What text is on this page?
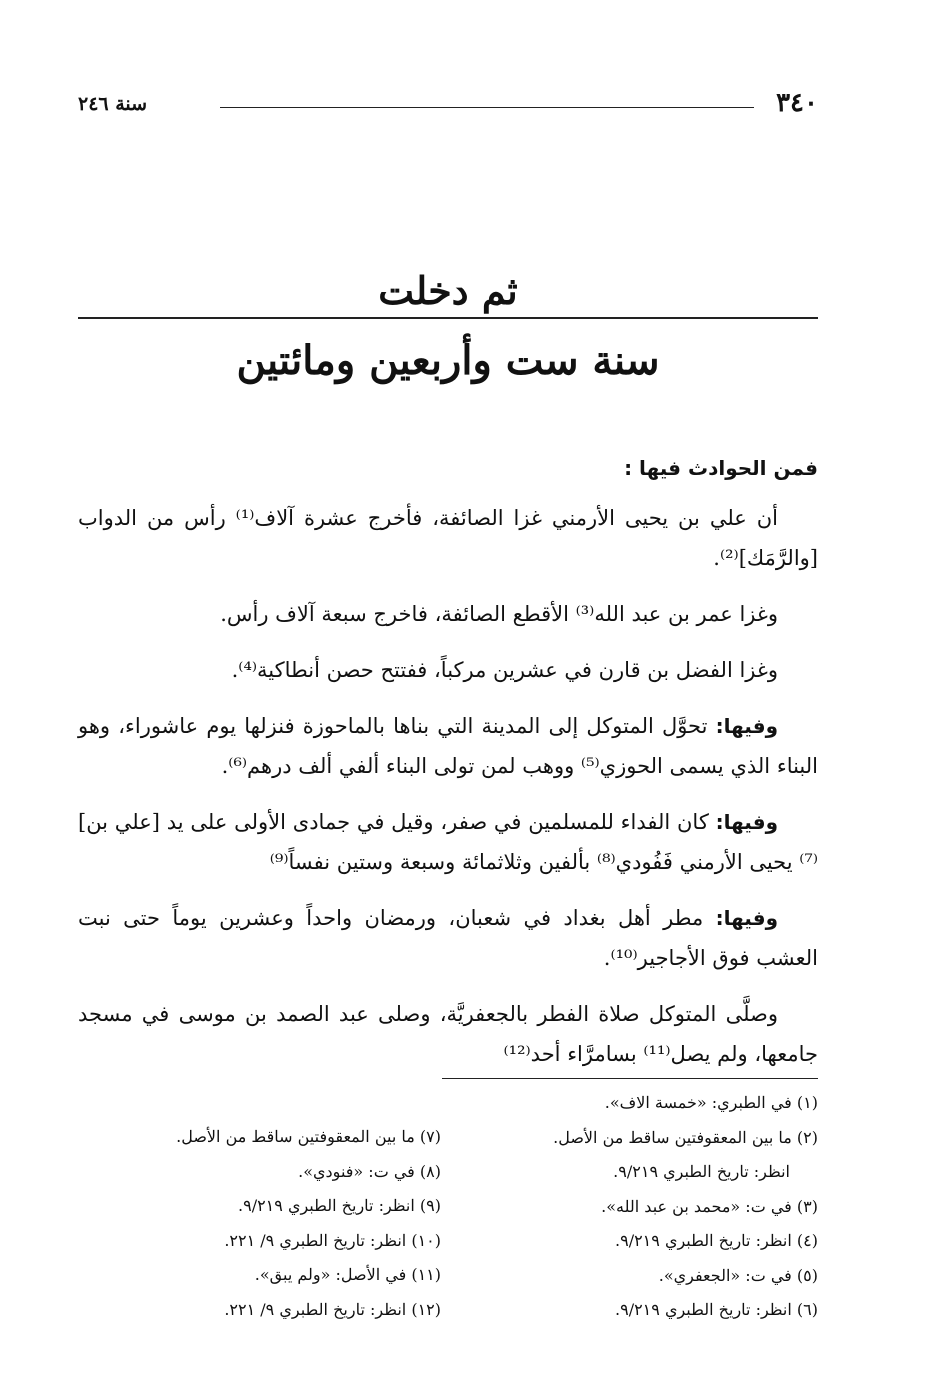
٣٤٠
سنة ٢٤٦
ثم دخلت
سنة ست وأربعين ومائتين

فمن الحوادث فيها :

أن علي بن يحيى الأرمني غزا الصائفة، فأخرج عشرة آلاف⁽¹⁾ رأس من الدواب [والرَّمَك]⁽²⁾.

وغزا عمر بن عبد الله⁽³⁾ الأقطع الصائفة، فاخرج سبعة آلاف رأس.

وغزا الفضل بن قارن في عشرين مركباً، ففتتح حصن أنطاكية⁽⁴⁾.

وفيها: تحوَّل المتوكل إلى المدينة التي بناها بالماحوزة فنزلها يوم عاشوراء، وهو البناء الذي يسمى الحوزي⁽⁵⁾ ووهب لمن تولى البناء ألفي ألف درهم⁽⁶⁾.

وفيها: كان الفداء للمسلمين في صفر، وقيل في جمادى الأولى على يد [علي بن]⁽⁷⁾ يحيى الأرمني فَفُودي⁽⁸⁾ بألفين وثلاثمائة وسبعة وستين نفساً⁽⁹⁾

وفيها: مطر أهل بغداد في شعبان، ورمضان واحداً وعشرين يوماً حتى نبت العشب فوق الأجاجير⁽¹⁰⁾.

وصلَّى المتوكل صلاة الفطر بالجعفريَّة، وصلى عبد الصمد بن موسى في مسجد جامعها، ولم يصل⁽¹¹⁾ بسامرَّاء أحد⁽¹²⁾

(١) في الطبري: «خمسة الاف».
(٢) ما بين المعقوفتين ساقط من الأصل.
انظر: تاريخ الطبري ٩/٢١٩.
(٣) في ت: «محمد بن عبد الله».
(٤) انظر: تاريخ الطبري ٩/٢١٩.
(٥) في ت: «الجعفري».
(٦) انظر: تاريخ الطبري ٩/٢١٩.
(٧) ما بين المعقوفتين ساقط من الأصل.
(٨) في ت: «فنودي».
(٩) انظر: تاريخ الطبري ٩/٢١٩.
(١٠) انظر: تاريخ الطبري ٩/ ٢٢١.
(١١) في الأصل: «ولم يبق».
(١٢) انظر: تاريخ الطبري ٩/ ٢٢١.
